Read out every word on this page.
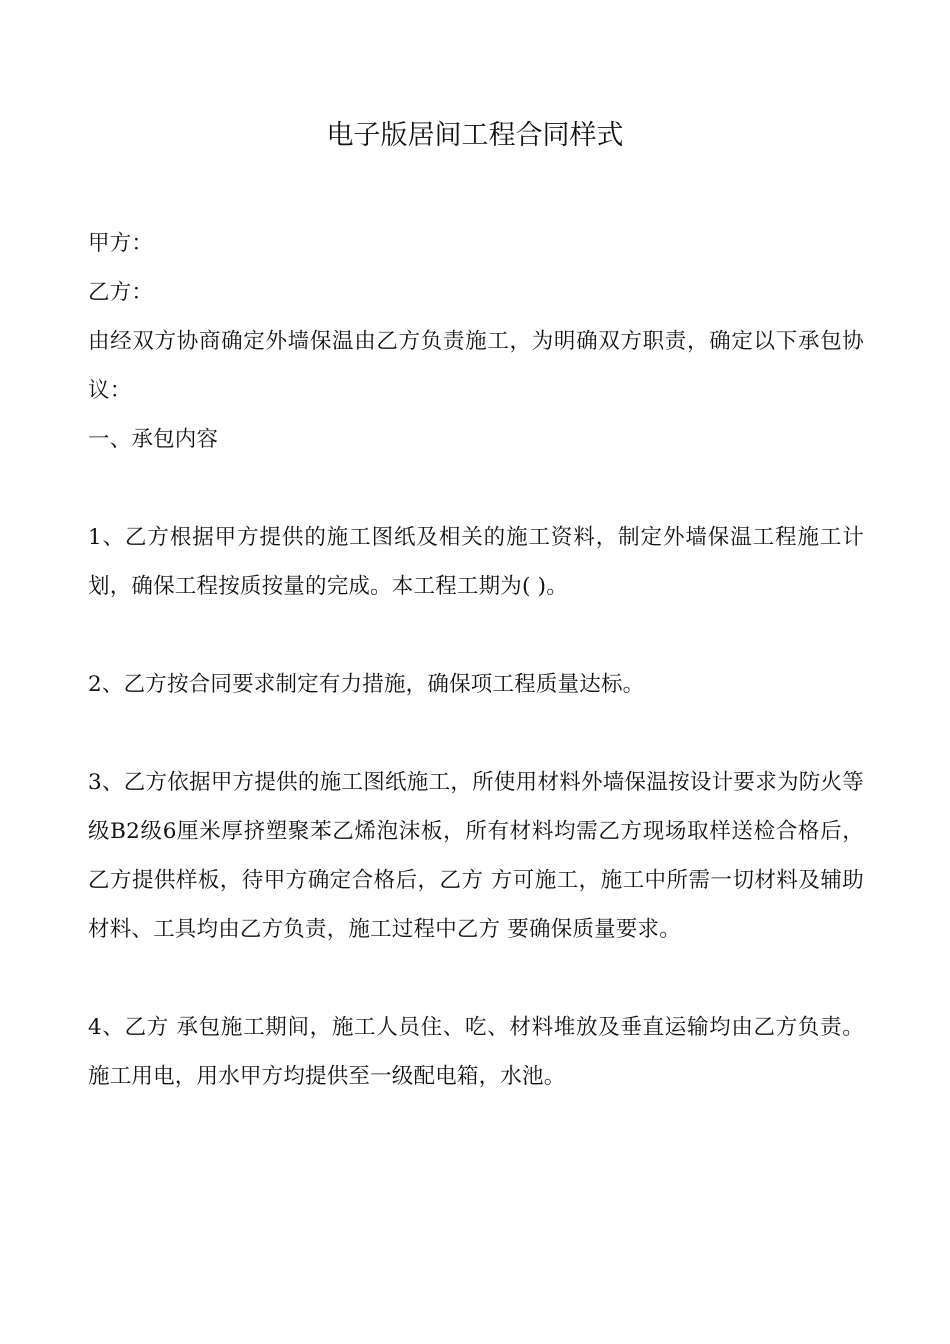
电子版居间工程合同样式

甲方：

乙方：

由经双方协商确定外墙保温由乙方负责施工，为明确双方职责，确定以下承包协议：

一、承包内容

1、乙方根据甲方提供的施工图纸及相关的施工资料，制定外墙保温工程施工计划，确保工程按质按量的完成。本工程工期为( )。

2、乙方按合同要求制定有力措施，确保项工程质量达标。

3、乙方依据甲方提供的施工图纸施工，所使用材料外墙保温按设计要求为防火等级B2级6厘米厚挤塑聚苯乙烯泡沫板，所有材料均需乙方现场取样送检合格后，乙方提供样板，待甲方确定合格后，乙方 方可施工，施工中所需一切材料及辅助材料、工具均由乙方负责，施工过程中乙方 要确保质量要求。

4、乙方 承包施工期间，施工人员住、吃、材料堆放及垂直运输均由乙方负责。施工用电，用水甲方均提供至一级配电箱，水池。
